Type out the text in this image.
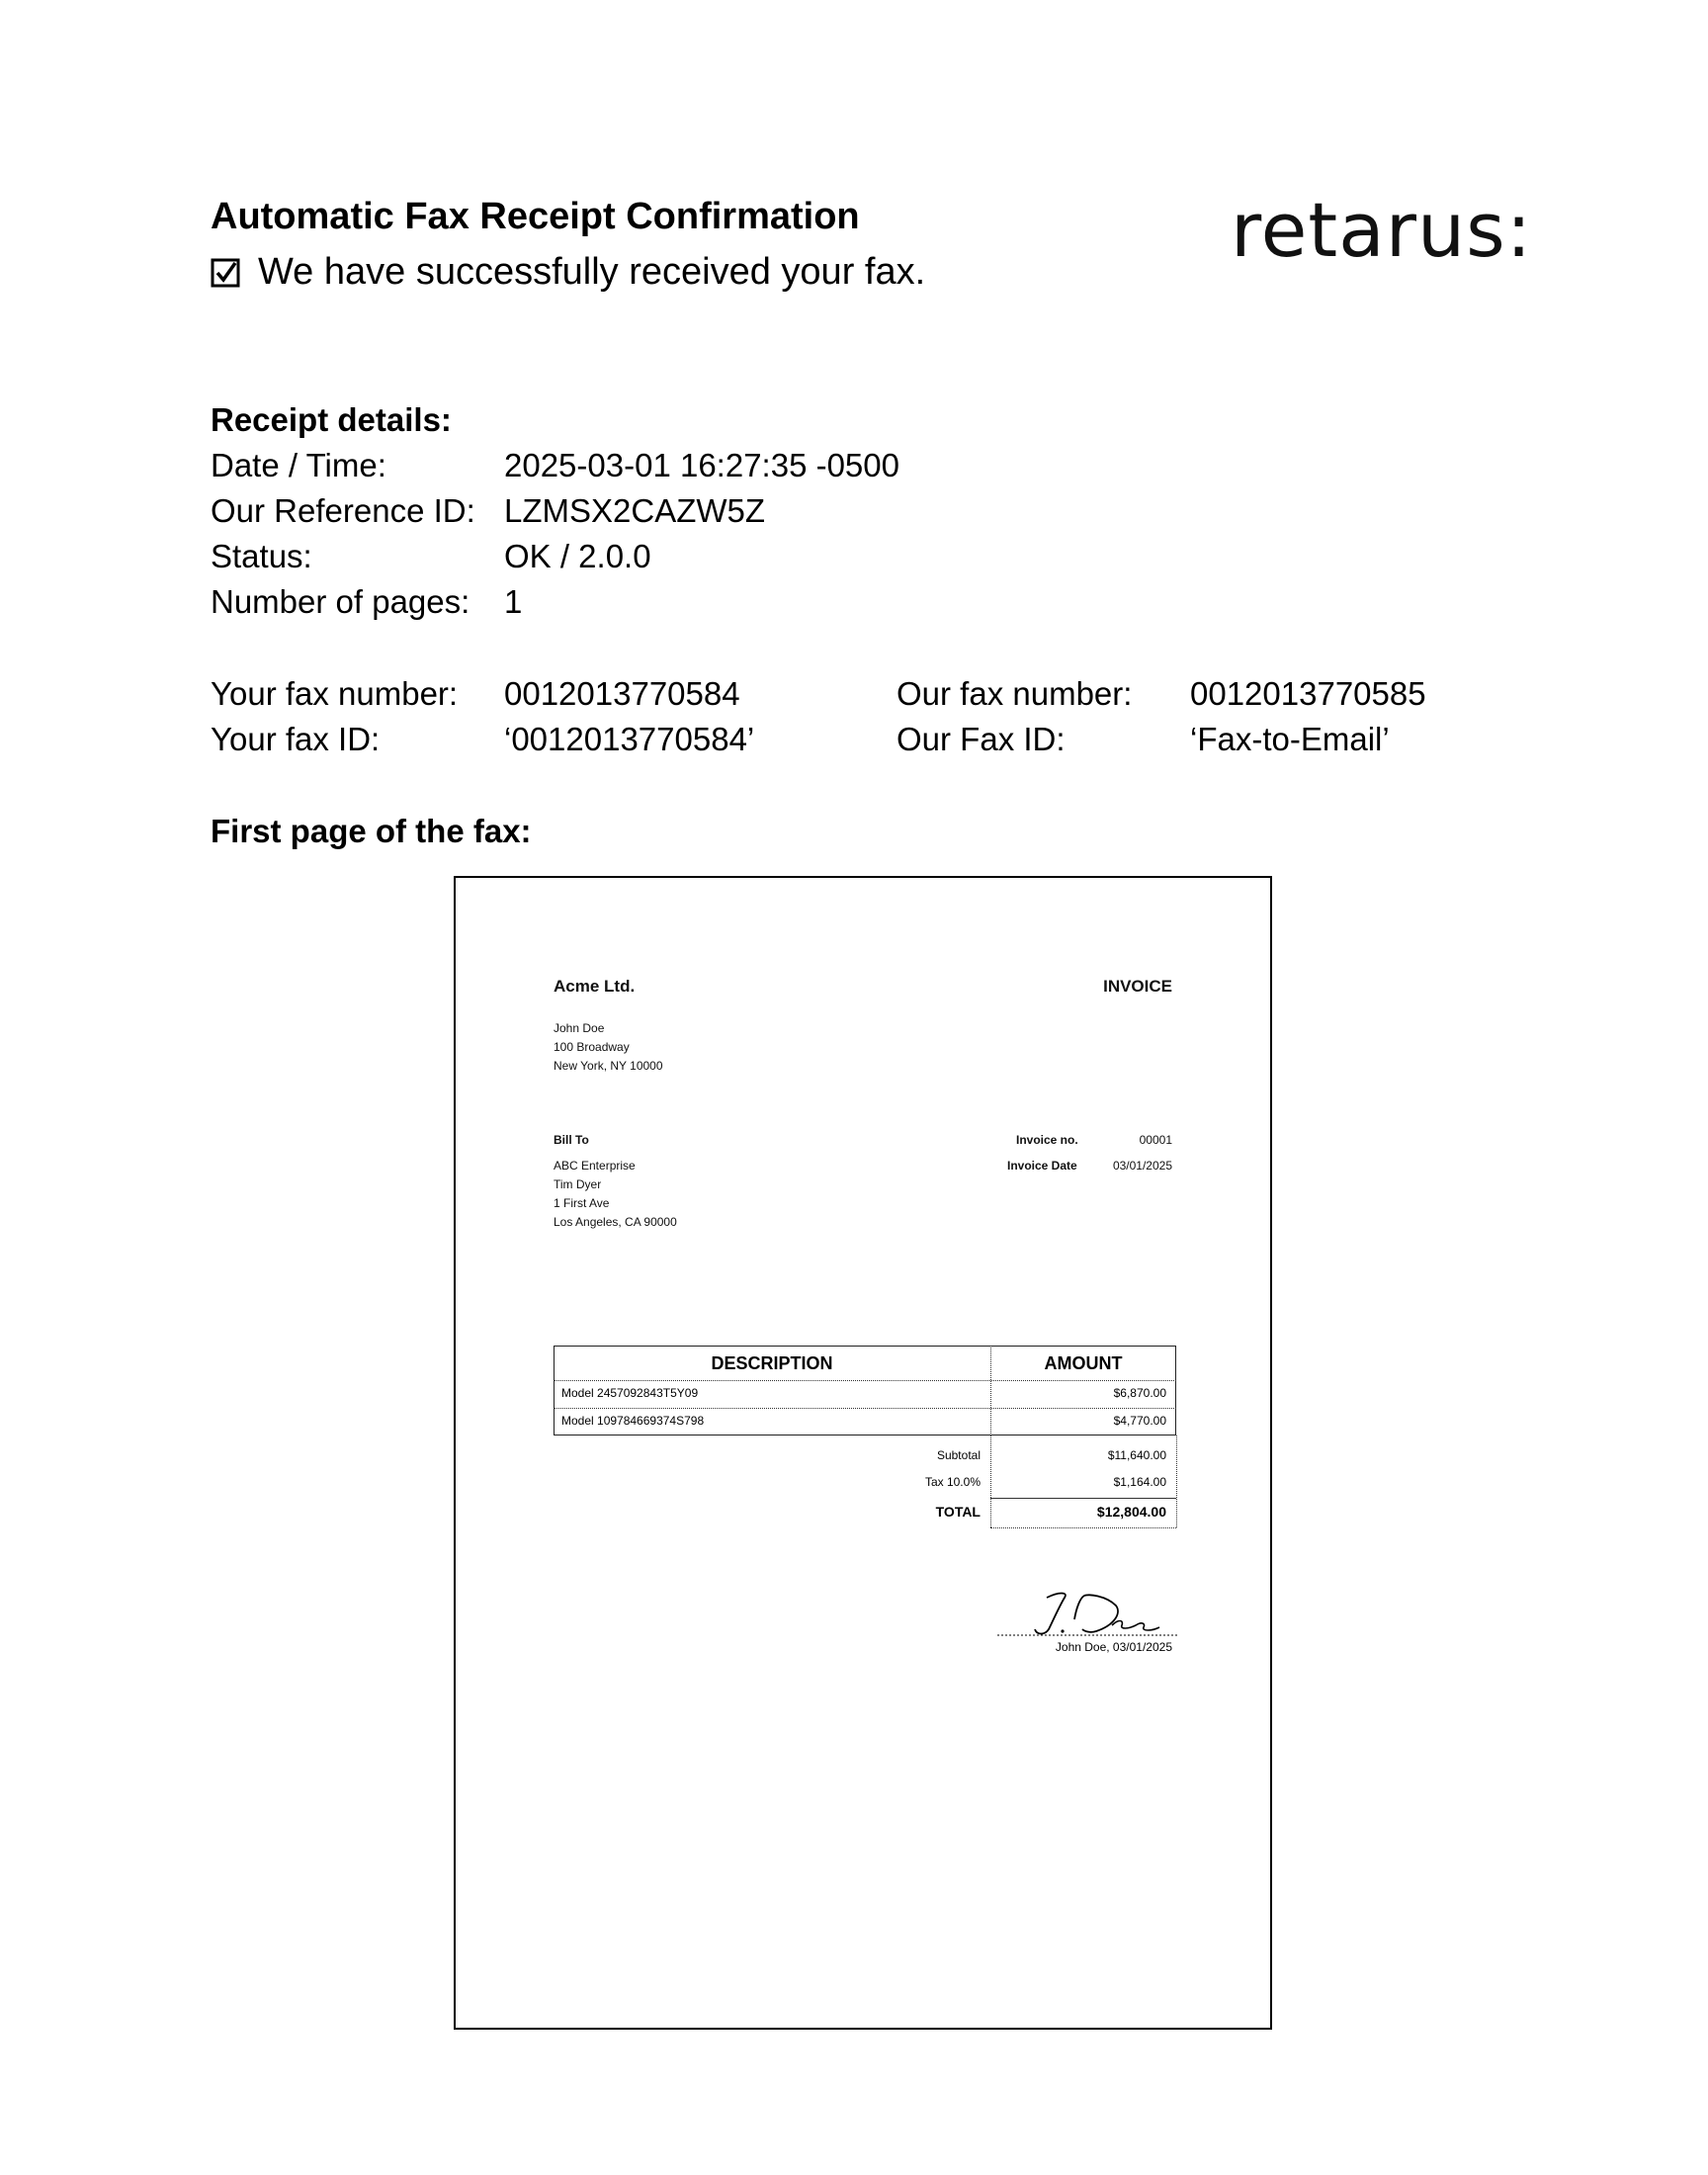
Automatic Fax Receipt Confirmation
We have successfully received your fax.	retarus:
Receipt details:
Date / Time:	2025-03-01 16:27:35 -0500
Our Reference ID: LZMSX2CAZW5Z
Status:	OK / 2.0.0
Number of pages:	1
Your fax number:	0012013770584
Your fax ID:	‘0012013770584’
Our fax number:	0012013770585
Our Fax ID:	‘Fax-to-Email’
First page of the fax:
Acme Ltd.	INVOICE
John Doe
100 Broadway
New York, NY 10000
Bill To
ABC Enterprise
Tim Dyer
1 First Ave
Los Angeles, CA 90000
Invoice no.	00001
Invoice Date	03/01/2025
DESCRIPTION	AMOUNT
Model 2457092843T5Y09	$6,870.00
Model 109784669374S798	$4,770.00
Subtotal	$11,640.00
Tax 10.0%	$1,164.00
TOTAL	$12,804.00
John Doe, 03/01/2025
